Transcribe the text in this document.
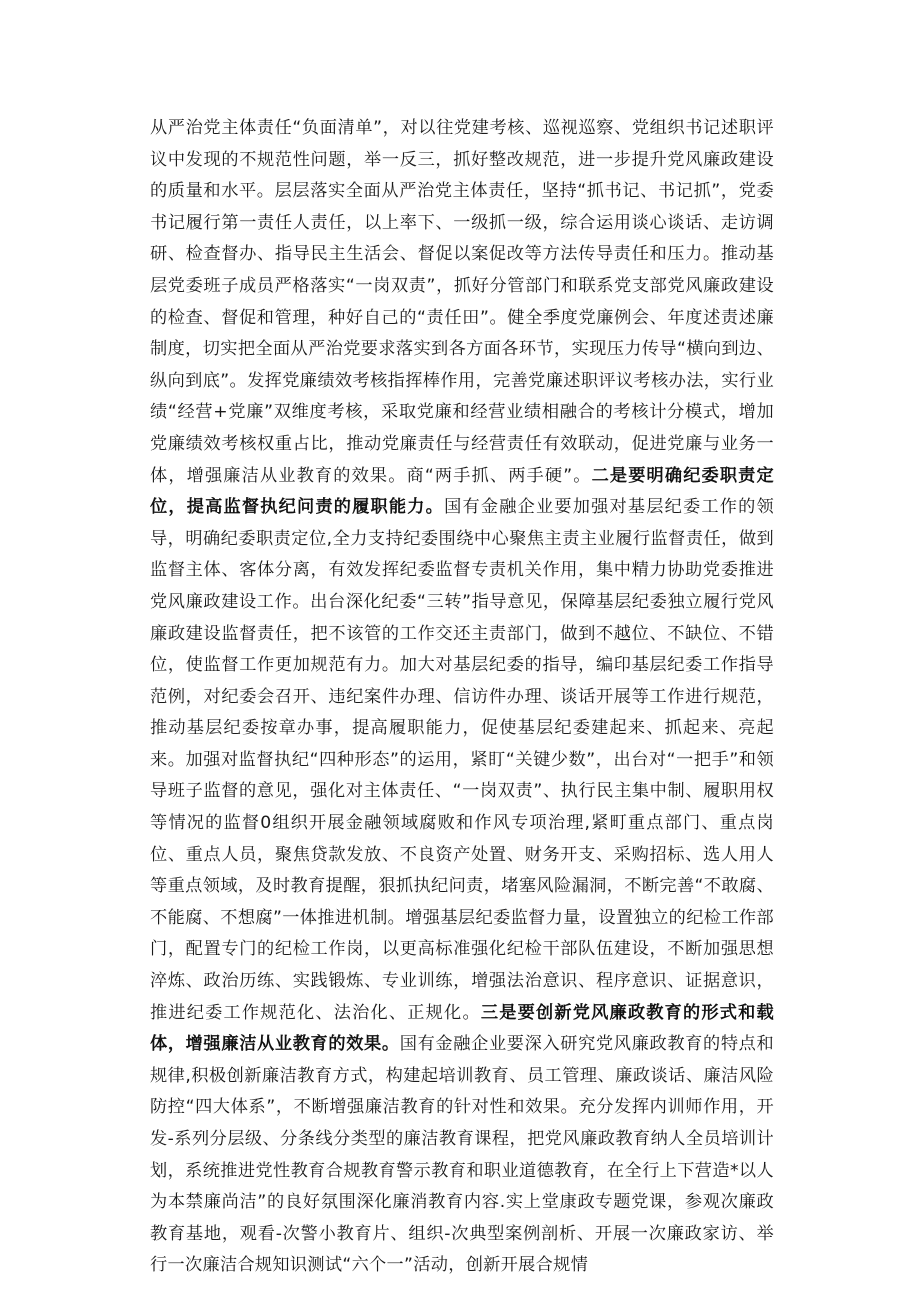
从严治党主体责任“负面清单”，对以往党建考核、巡视巡察、党组织书记述职评议中发现的不规范性问题，举一反三，抓好整改规范，进一步提升党风廉政建设的质量和水平。层层落实全面从严治党主体责任，坚持“抓书记、书记抓”，党委书记履行第一责任人责任，以上率下、一级抓一级，综合运用谈心谈话、走访调研、检查督办、指导民主生活会、督促以案促改等方法传导责任和压力。推动基层党委班子成员严格落实“一岗双责”，抓好分管部门和联系党支部党风廉政建设的检查、督促和管理，种好自己的“责任田”。健全季度党廉例会、年度述责述廉制度，切实把全面从严治党要求落实到各方面各环节，实现压力传导“横向到边、纵向到底”。发挥党廉绩效考核指挥棒作用，完善党廉述职评议考核办法，实行业绩“经营+党廉”双维度考核，采取党廉和经营业绩相融合的考核计分模式，增加党廉绩效考核权重占比，推动党廉责任与经营责任有效联动，促进党廉与业务一体，增强廉洁从业教育的效果。商“两手抓、两手硬”。二是要明确纪委职责定位，提高监督执纪问责的履职能力。国有金融企业要加强对基层纪委工作的领导，明确纪委职责定位,全力支持纪委围绕中心聚焦主责主业履行监督责任，做到监督主体、客体分离，有效发挥纪委监督专责机关作用，集中精力协助党委推进党风廉政建设工作。出台深化纪委“三转”指导意见，保障基层纪委独立履行党风廉政建设监督责任，把不该管的工作交还主责部门，做到不越位、不缺位、不错位，使监督工作更加规范有力。加大对基层纪委的指导，编印基层纪委工作指导范例，对纪委会召开、违纪案件办理、信访件办理、谈话开展等工作进行规范，推动基层纪委按章办事，提高履职能力，促使基层纪委建起来、抓起来、亮起来。加强对监督执纪“四种形态”的运用，紧盯“关键少数”，出台对“一把手”和领导班子监督的意见，强化对主体责任、“一岗双责”、执行民主集中制、履职用权等情况的监督0组织开展金融领域腐败和作风专项治理,紧町重点部门、重点岗位、重点人员，聚焦贷款发放、不良资产处置、财务开支、采购招标、选人用人等重点领域，及时教育提醒，狠抓执纪问责，堵塞风险漏洞，不断完善“不敢腐、不能腐、不想腐”一体推进机制。增强基层纪委监督力量，设置独立的纪检工作部门，配置专门的纪检工作岗，以更高标准强化纪检干部队伍建设，不断加强思想淬炼、政治历练、实践锻炼、专业训练，增强法治意识、程序意识、证据意识，推进纪委工作规范化、法治化、正规化。三是要创新党风廉政教育的形式和载体，增强廉洁从业教育的效果。国有金融企业要深入研究党风廉政教育的特点和规律,积极创新廉洁教育方式，构建起培训教育、员工管理、廉政谈话、廉洁风险防控“四大体系”，不断增强廉洁教育的针对性和效果。充分发挥内训师作用，开发-系列分层级、分条线分类型的廉洁教育课程，把党风廉政教育纳人全员培训计划，系统推进党性教育合规教育警示教育和职业道德教育，在全行上下营造*以人为本禁廉尚洁”的良好氛围深化廉消教育内容.实上堂康政专题党课，参观次廉政教育基地，观看-次警小教育片、组织-次典型案例剖析、开展一次廉政家访、举行一次廉洁合规知识测试“六个一”活动，创新开展合规情
